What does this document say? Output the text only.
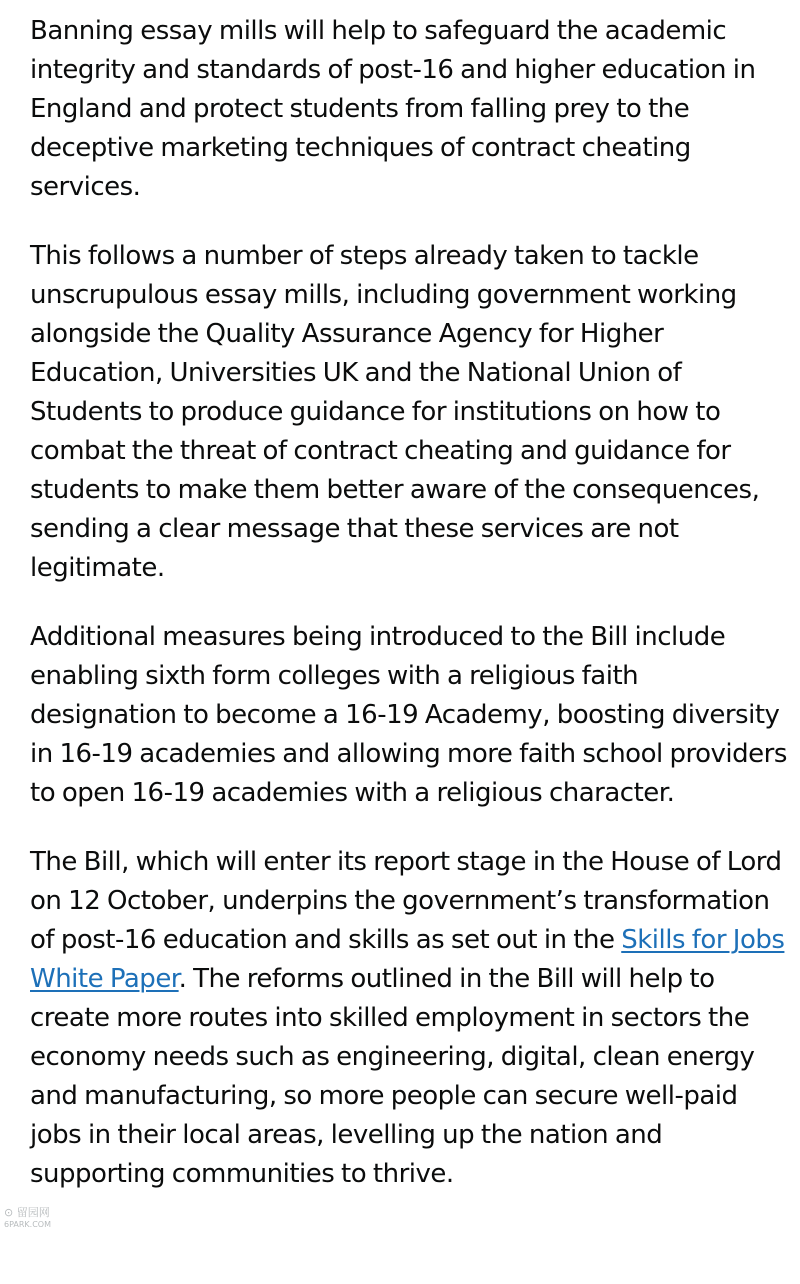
Banning essay mills will help to safeguard the academic integrity and standards of post-16 and higher education in England and protect students from falling prey to the deceptive marketing techniques of contract cheating services.

This follows a number of steps already taken to tackle unscrupulous essay mills, including government working alongside the Quality Assurance Agency for Higher Education, Universities UK and the National Union of Students to produce guidance for institutions on how to combat the threat of contract cheating and guidance for students to make them better aware of the consequences, sending a clear message that these services are not legitimate.

Additional measures being introduced to the Bill include enabling sixth form colleges with a religious faith designation to become a 16-19 Academy, boosting diversity in 16-19 academies and allowing more faith school providers to open 16-19 academies with a religious character.

The Bill, which will enter its report stage in the House of Lord on 12 October, underpins the government’s transformation of post-16 education and skills as set out in the Skills for Jobs White Paper. The reforms outlined in the Bill will help to create more routes into skilled employment in sectors the economy needs such as engineering, digital, clean energy and manufacturing, so more people can secure well-paid jobs in their local areas, levelling up the nation and supporting communities to thrive.

⊙ 留园网
6PARK.COM
